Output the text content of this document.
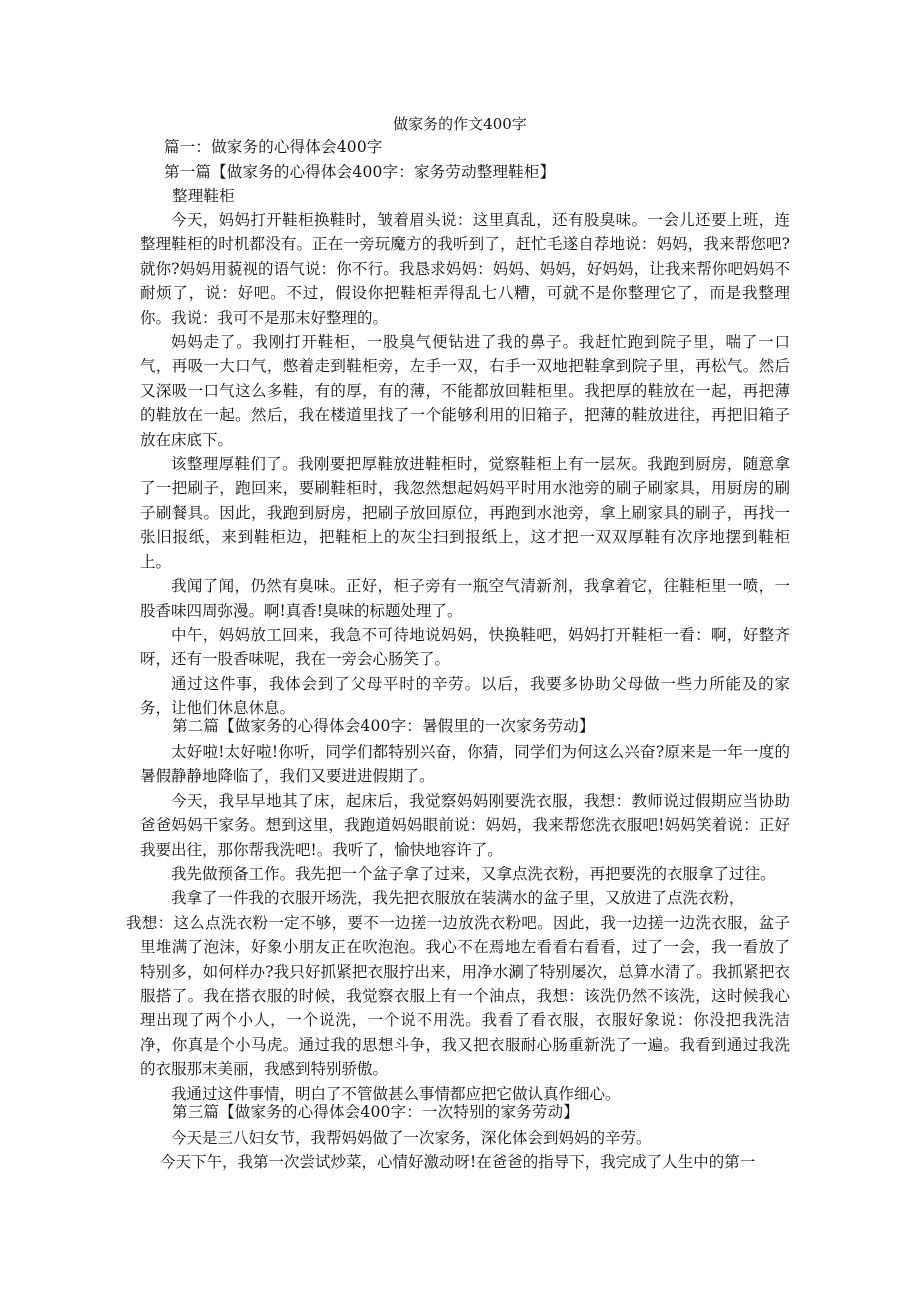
做家务的作文400字
篇一：做家务的心得体会400字
第一篇【做家务的心得体会400字：家务劳动整理鞋柜】
整理鞋柜

今天，妈妈打开鞋柜换鞋时，皱着眉头说：这里真乱，还有股臭味。一会儿还要上班，连整理鞋柜的时机都没有。正在一旁玩魔方的我听到了，赶忙毛遂自荐地说：妈妈，我来帮您吧?就你?妈妈用藐视的语气说：你不行。我恳求妈妈：妈妈、妈妈，好妈妈，让我来帮你吧妈妈不耐烦了，说：好吧。不过，假设你把鞋柜弄得乱七八糟，可就不是你整理它了，而是我整理你。我说：我可不是那末好整理的。

妈妈走了。我刚打开鞋柜，一股臭气便钻进了我的鼻子。我赶忙跑到院子里，喘了一口气，再吸一大口气，憋着走到鞋柜旁，左手一双，右手一双地把鞋拿到院子里，再松气。然后又深吸一口气这么多鞋，有的厚，有的薄，不能都放回鞋柜里。我把厚的鞋放在一起，再把薄的鞋放在一起。然后，我在楼道里找了一个能够利用的旧箱子，把薄的鞋放进往，再把旧箱子放在床底下。

该整理厚鞋们了。我刚要把厚鞋放进鞋柜时，觉察鞋柜上有一层灰。我跑到厨房，随意拿了一把刷子，跑回来，要刷鞋柜时，我忽然想起妈妈平时用水池旁的刷子刷家具，用厨房的刷子刷餐具。因此，我跑到厨房，把刷子放回原位，再跑到水池旁，拿上刷家具的刷子，再找一张旧报纸，来到鞋柜边，把鞋柜上的灰尘扫到报纸上，这才把一双双厚鞋有次序地摆到鞋柜上。

我闻了闻，仍然有臭味。正好，柜子旁有一瓶空气清新剂，我拿着它，往鞋柜里一喷，一股香味四周弥漫。啊!真香!臭味的标题处理了。

中午，妈妈放工回来，我急不可待地说妈妈，快换鞋吧，妈妈打开鞋柜一看：啊，好整齐呀，还有一股香味呢，我在一旁会心肠笑了。

通过这件事，我体会到了父母平时的辛劳。以后，我要多协助父母做一些力所能及的家务，让他们休息休息。

第二篇【做家务的心得体会400字：暑假里的一次家务劳动】

太好啦!太好啦!你听，同学们都特别兴奋，你猜，同学们为何这么兴奋?原来是一年一度的暑假静静地降临了，我们又要进进假期了。

今天，我早早地其了床，起床后，我觉察妈妈刚要洗衣服，我想：教师说过假期应当协助爸爸妈妈干家务。想到这里，我跑道妈妈眼前说：妈妈，我来帮您洗衣服吧!妈妈笑着说：正好我要出往，那你帮我洗吧!。我听了，愉快地容许了。

我先做预备工作。我先把一个盆子拿了过来，又拿点洗衣粉，再把要洗的衣服拿了过往。

我拿了一件我的衣服开场洗，我先把衣服放在装满水的盆子里，又放进了点洗衣粉，

我想：这么点洗衣粉一定不够，要不一边搓一边放洗衣粉吧。因此，我一边搓一边洗衣服，盆子里堆满了泡沫，好象小朋友正在吹泡泡。我心不在焉地左看看右看看，过了一会，我一看放了特别多，如何样办?我只好抓紧把衣服拧出来，用净水涮了特别屡次，总算水清了。我抓紧把衣服搭了。我在搭衣服的时候，我觉察衣服上有一个油点，我想：该洗仍然不该洗，这时候我心理出现了两个小人，一个说洗，一个说不用洗。我看了看衣服，衣服好象说：你没把我洗洁净，你真是个小马虎。通过我的思想斗争，我又把衣服耐心肠重新洗了一遍。我看到通过我洗的衣服那末美丽，我感到特别骄傲。

我通过这件事情，明白了不管做甚么事情都应把它做认真作细心。

第三篇【做家务的心得体会400字：一次特别的家务劳动】

今天是三八妇女节，我帮妈妈做了一次家务，深化体会到妈妈的辛劳。

今天下午，我第一次尝试炒菜，心情好激动呀!在爸爸的指导下，我完成了人生中的第一
